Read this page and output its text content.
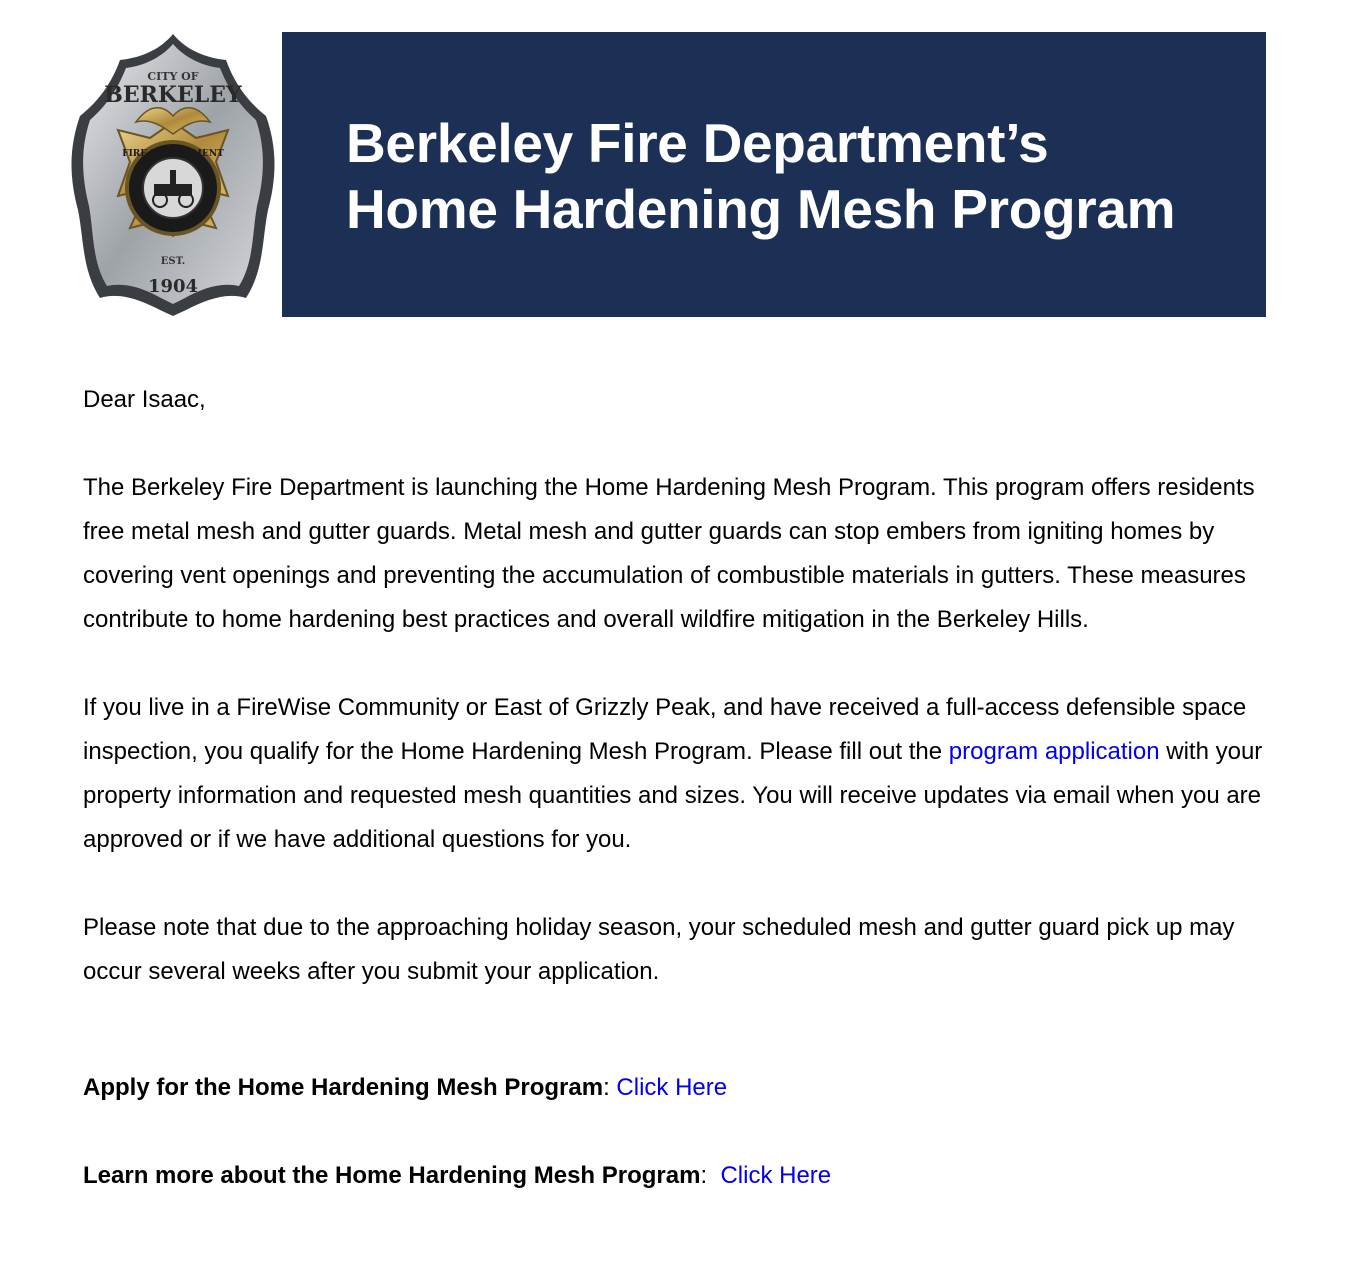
CITY OF
BERKELEY
FIRE DEPARTMENT
EST.
1904
Berkeley Fire Department’s
Home Hardening Mesh Program

Dear Isaac,

The Berkeley Fire Department is launching the Home Hardening Mesh Program. This program offers residents free metal mesh and gutter guards. Metal mesh and gutter guards can stop embers from igniting homes by covering vent openings and preventing the accumulation of combustible materials in gutters. These measures contribute to home hardening best practices and overall wildfire mitigation in the Berkeley Hills.

If you live in a FireWise Community or East of Grizzly Peak, and have received a full-access defensible space inspection, you qualify for the Home Hardening Mesh Program. Please fill out the program application with your property information and requested mesh quantities and sizes. You will receive updates via email when you are approved or if we have additional questions for you.

Please note that due to the approaching holiday season, your scheduled mesh and gutter guard pick up may occur several weeks after you submit your application.

Apply for the Home Hardening Mesh Program: Click Here

Learn more about the Home Hardening Mesh Program:  Click Here
